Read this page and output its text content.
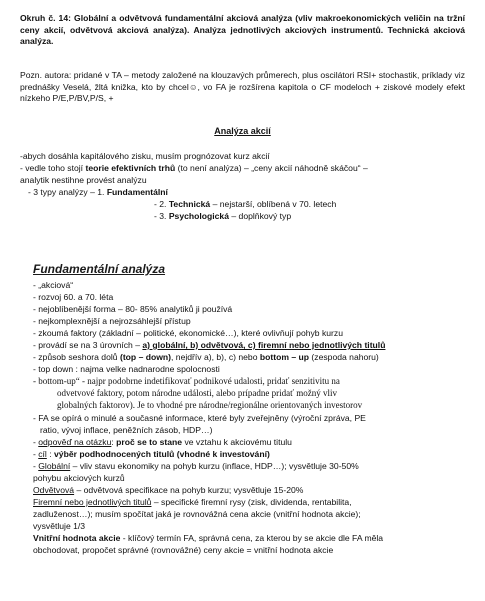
Okruh č. 14: Globální a odvětvová fundamentální akciová analýza (vliv makroekonomických veličin na tržní ceny akcií, odvětvová akciová analýza). Analýza jednotlivých akciových instrumentů. Technická akciová analýza.
Pozn. autora: pridané v TA – metody založené na klouzavých průmerech, plus oscilátori RSI+ stochastik, príklady viz prednášky Veselá, žltá knižka, kto by chcel☺, vo FA je rozšírena kapitola o CF modeloch + ziskové modely efekt nízkeho P/E,P/BV,P/S, +
Analýza akcií
-abych dosáhla kapitálového zisku, musím prognózovat kurz akcií
- vedle toho stojí teorie efektivních trhů (to není analýza) – „ceny akcií náhodně skáčou“ –
analytik nestihne provést analýzu
- 3 typy analýzy – 1. Fundamentální
- 2. Technická – nejstarší, oblíbená v 70. letech
- 3. Psychologická – doplňkový typ
Fundamentální analýza
- „akciová“
- rozvoj 60. a 70. léta
- nejoblíbenější forma – 80- 85% analytiků ji používá
- nejkomplexnější a nejrozsáhlejší přístup
- zkoumá faktory (základní – politické, ekonomické…), které ovlivňují pohyb kurzu
- provádí se na 3 úrovních – a) globální, b) odvětvová, c) firemní nebo jednotlivých titulů
- způsob seshora dolů (top – down), nejdřív a), b), c) nebo bottom – up (zespoda nahoru)
- top down : najma velke nadnarodne spolocnosti
- bottom-up“ - najpr podobrne indetifikovať podnikové udalosti, pridať senzitivitu na
odvetvové faktory, potom národne události, alebo prípadne pridať možný vliv
globalných faktorov). Je to vhodné pre národne/regionálne orientovaných investorov
- FA se opírá o minulé a současné informace, které byly zveřejněny (výroční zpráva, PE
ratio, vývoj inflace, peněžních zásob, HDP…)
- odpověď na otázku: proč se to stane ve vztahu k akciovému titulu
- cíl : výběr podhodnocených titulů (vhodné k investování)
- Globální – vliv stavu ekonomiky na pohyb kurzu (inflace, HDP…); vysvětluje 30-50%
pohybu akciových kurzů
Odvětvová – odvětvová specifikace na pohyb kurzu; vysvětluje 15-20%
Firemní nebo jednotlivých titulů – specifické firemní rysy (zisk, dividenda, rentabilita,
zadluženost…); musím spočítat jaká je rovnovážná cena akcie (vnitřní hodnota akcie);
vysvětluje 1/3
Vnitřní hodnota akcie - klíčový termín FA, správná cena, za kterou by se akcie dle FA měla
obchodovat, propočet správné (rovnovážné) ceny akcie = vnitřní hodnota akcie
